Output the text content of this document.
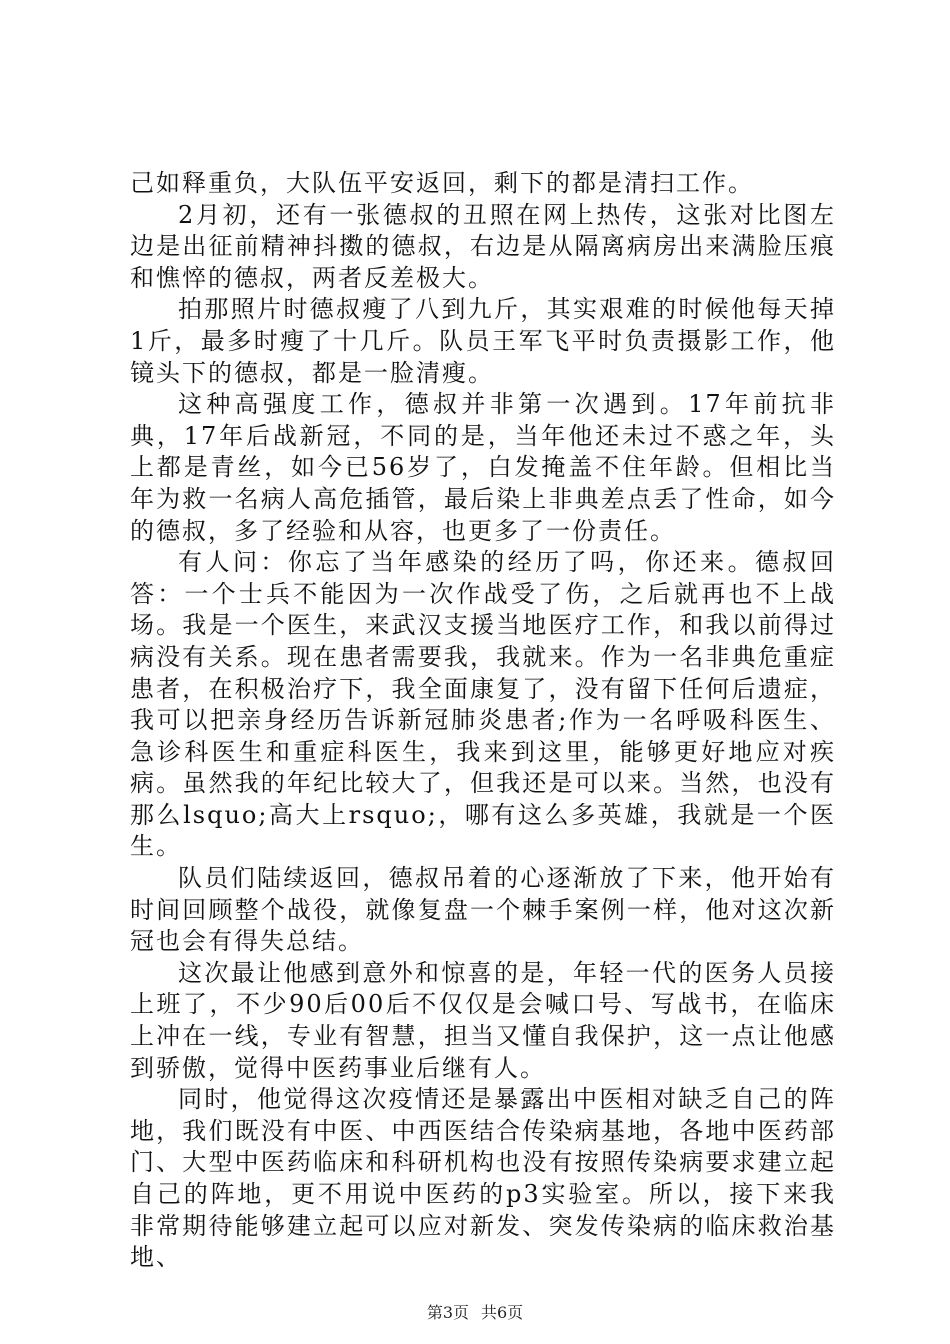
己如释重负，大队伍平安返回，剩下的都是清扫工作。

2月初，还有一张德叔的丑照在网上热传，这张对比图左边是出征前精神抖擞的德叔，右边是从隔离病房出来满脸压痕和憔悴的德叔，两者反差极大。

拍那照片时德叔瘦了八到九斤，其实艰难的时候他每天掉1斤，最多时瘦了十几斤。队员王军飞平时负责摄影工作，他镜头下的德叔，都是一脸清瘦。

这种高强度工作，德叔并非第一次遇到。17年前抗非典，17年后战新冠，不同的是，当年他还未过不惑之年，头上都是青丝，如今已56岁了，白发掩盖不住年龄。但相比当年为救一名病人高危插管，最后染上非典差点丢了性命，如今的德叔，多了经验和从容，也更多了一份责任。

有人问：你忘了当年感染的经历了吗，你还来。德叔回答：一个士兵不能因为一次作战受了伤，之后就再也不上战场。我是一个医生，来武汉支援当地医疗工作，和我以前得过病没有关系。现在患者需要我，我就来。作为一名非典危重症患者，在积极治疗下，我全面康复了，没有留下任何后遗症，我可以把亲身经历告诉新冠肺炎患者;作为一名呼吸科医生、急诊科医生和重症科医生，我来到这里，能够更好地应对疾病。虽然我的年纪比较大了，但我还是可以来。当然，也没有那么lsquo;高大上rsquo;，哪有这么多英雄，我就是一个医生。

队员们陆续返回，德叔吊着的心逐渐放了下来，他开始有时间回顾整个战役，就像复盘一个棘手案例一样，他对这次新冠也会有得失总结。

这次最让他感到意外和惊喜的是，年轻一代的医务人员接上班了，不少90后00后不仅仅是会喊口号、写战书，在临床上冲在一线，专业有智慧，担当又懂自我保护，这一点让他感到骄傲，觉得中医药事业后继有人。

同时，他觉得这次疫情还是暴露出中医相对缺乏自己的阵地，我们既没有中医、中西医结合传染病基地，各地中医药部门、大型中医药临床和科研机构也没有按照传染病要求建立起自己的阵地，更不用说中医药的p3实验室。所以，接下来我非常期待能够建立起可以应对新发、突发传染病的临床救治基地、

第3页 共6页
